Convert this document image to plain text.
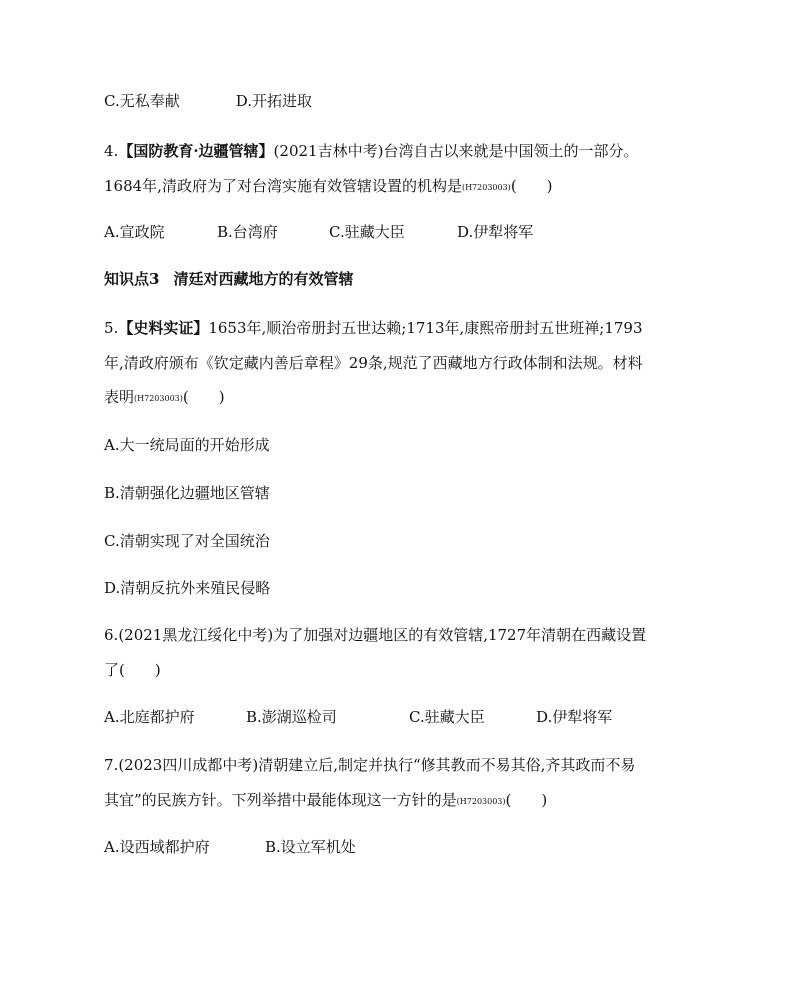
C.无私奉献	D.开拓进取
4.【国防教育·边疆管辖】(2021吉林中考)台湾自古以来就是中国领土的一部分。
1684年,清政府为了对台湾实施有效管辖设置的机构是(H7203003)(　　)
A.宣政院	B.台湾府	C.驻藏大臣	D.伊犁将军
知识点3 清廷对西藏地方的有效管辖
5.【史料实证】1653年,顺治帝册封五世达赖;1713年,康熙帝册封五世班禅;1793
年,清政府颁布《钦定藏内善后章程》29条,规范了西藏地方行政体制和法规。材料
表明(H7203003)(　　)
A.大一统局面的开始形成
B.清朝强化边疆地区管辖
C.清朝实现了对全国统治
D.清朝反抗外来殖民侵略
6.(2021黑龙江绥化中考)为了加强对边疆地区的有效管辖,1727年清朝在西藏设置
了(　　)
A.北庭都护府	B.澎湖巡检司	C.驻藏大臣	D.伊犁将军
7.(2023四川成都中考)清朝建立后,制定并执行“修其教而不易其俗,齐其政而不易
其宜”的民族方针。下列举措中最能体现这一方针的是(H7203003)(　　)
A.设西域都护府	B.设立军机处
